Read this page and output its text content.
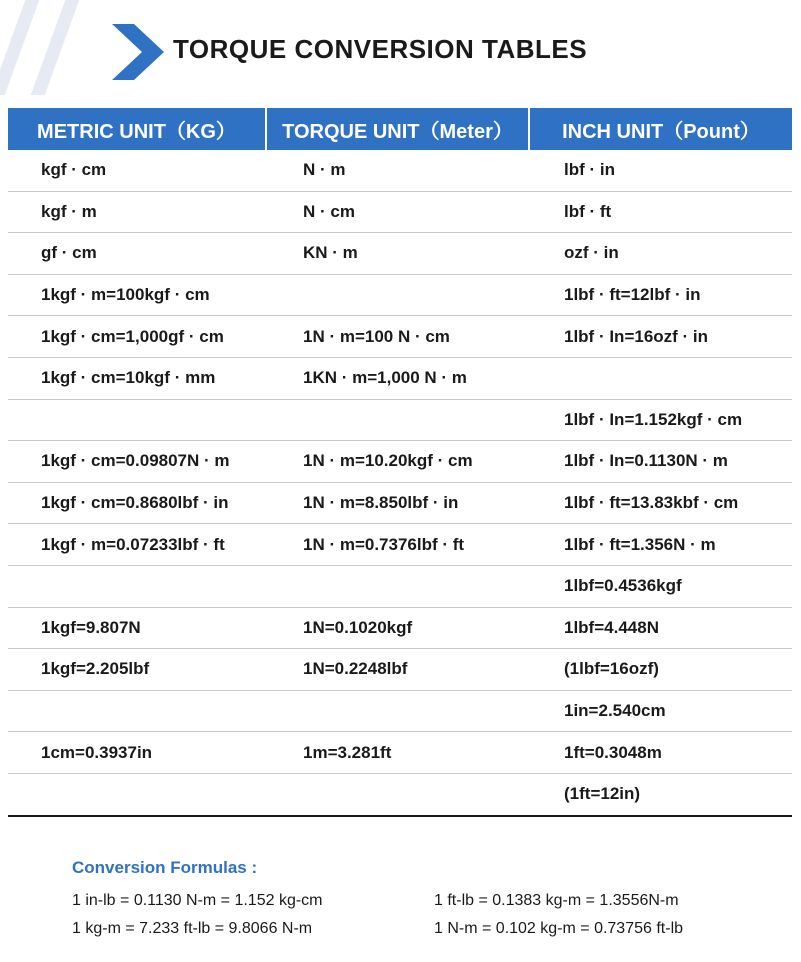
TORQUE CONVERSION TABLES
METRIC UNIT（KG）	TORQUE UNIT（Meter）	INCH UNIT（Pount）
kgf · cm	N · m	lbf · in
kgf · m	N · cm	lbf · ft
gf · cm	KN · m	ozf · in
1kgf · m=100kgf · cm		1lbf · ft=12lbf · in
1kgf · cm=1,000gf · cm	1N · m=100 N · cm	1lbf · In=16ozf · in
1kgf · cm=10kgf · mm	1KN · m=1,000 N · m	
		1lbf · In=1.152kgf · cm
1kgf · cm=0.09807N · m	1N · m=10.20kgf · cm	1lbf · In=0.1130N · m
1kgf · cm=0.8680lbf · in	1N · m=8.850lbf · in	1lbf · ft=13.83kbf · cm
1kgf · m=0.07233lbf · ft	1N · m=0.7376lbf · ft	1lbf · ft=1.356N · m
		1lbf=0.4536kgf
1kgf=9.807N	1N=0.1020kgf	1lbf=4.448N
1kgf=2.205lbf	1N=0.2248lbf	(1lbf=16ozf)
		1in=2.540cm
1cm=0.3937in	1m=3.281ft	1ft=0.3048m
		(1ft=12in)
Conversion Formulas :
1 in-lb = 0.1130 N-m = 1.152 kg-cm	1 ft-lb = 0.1383 kg-m = 1.3556N-m
1 kg-m = 7.233 ft-lb = 9.8066 N-m	1 N-m = 0.102 kg-m = 0.73756 ft-lb
